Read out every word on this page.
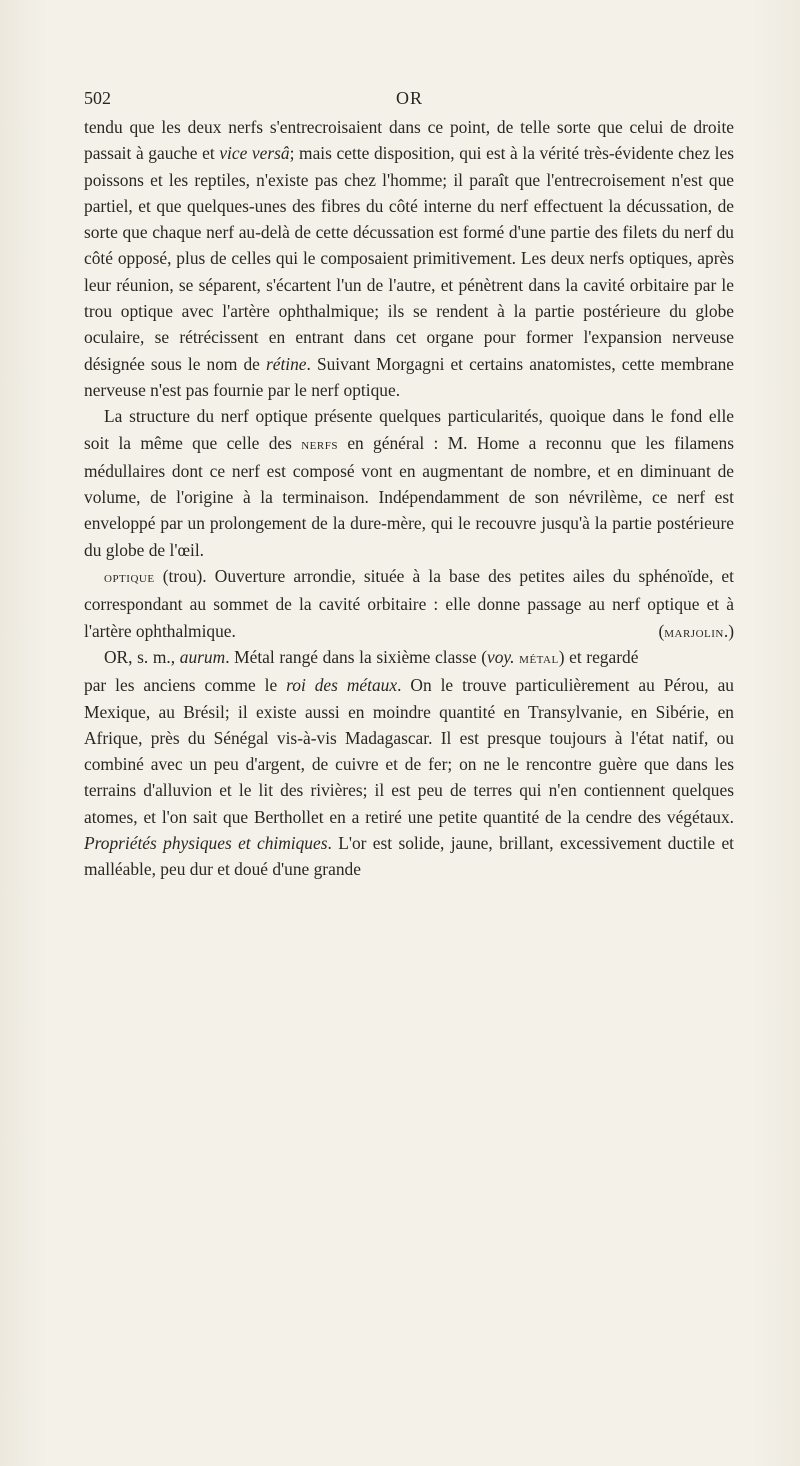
502	OR

tendu que les deux nerfs s'entrecroisaient dans ce point, de telle sorte que celui de droite passait à gauche et vice versâ; mais cette disposition, qui est à la vérité très-évidente chez les poissons et les reptiles, n'existe pas chez l'homme; il paraît que l'entrecroisement n'est que partiel, et que quelques-unes des fibres du côté interne du nerf effectuent la décussation, de sorte que chaque nerf au-delà de cette décussation est formé d'une partie des filets du nerf du côté opposé, plus de celles qui le composaient primitivement. Les deux nerfs optiques, après leur réunion, se séparent, s'écartent l'un de l'autre, et pénètrent dans la cavité orbitaire par le trou optique avec l'artère ophthalmique; ils se rendent à la partie postérieure du globe oculaire, se rétrécissent en entrant dans cet organe pour former l'expansion nerveuse désignée sous le nom de rétine. Suivant Morgagni et certains anatomistes, cette membrane nerveuse n'est pas fournie par le nerf optique.

La structure du nerf optique présente quelques particularités, quoique dans le fond elle soit la même que celle des nerfs en général : M. Home a reconnu que les filamens médullaires dont ce nerf est composé vont en augmentant de nombre, et en diminuant de volume, de l'origine à la terminaison. Indépendamment de son névrilème, ce nerf est enveloppé par un prolongement de la dure-mère, qui le recouvre jusqu'à la partie postérieure du globe de l'œil.

optique (trou). Ouverture arrondie, située à la base des petites ailes du sphénoïde, et correspondant au sommet de la cavité orbitaire : elle donne passage au nerf optique et à l'artère ophthalmique.	(marjolin.)

OR, s. m., aurum. Métal rangé dans la sixième classe (voy. métal) et regardé par les anciens comme le roi des métaux. On le trouve particulièrement au Pérou, au Mexique, au Brésil; il existe aussi en moindre quantité en Transylvanie, en Sibérie, en Afrique, près du Sénégal vis-à-vis Madagascar. Il est presque toujours à l'état natif, ou combiné avec un peu d'argent, de cuivre et de fer; on ne le rencontre guère que dans les terrains d'alluvion et le lit des rivières; il est peu de terres qui n'en contiennent quelques atomes, et l'on sait que Berthollet en a retiré une petite quantité de la cendre des végétaux. Propriétés physiques et chimiques. L'or est solide, jaune, brillant, excessivement ductile et malléable, peu dur et doué d'une grande
